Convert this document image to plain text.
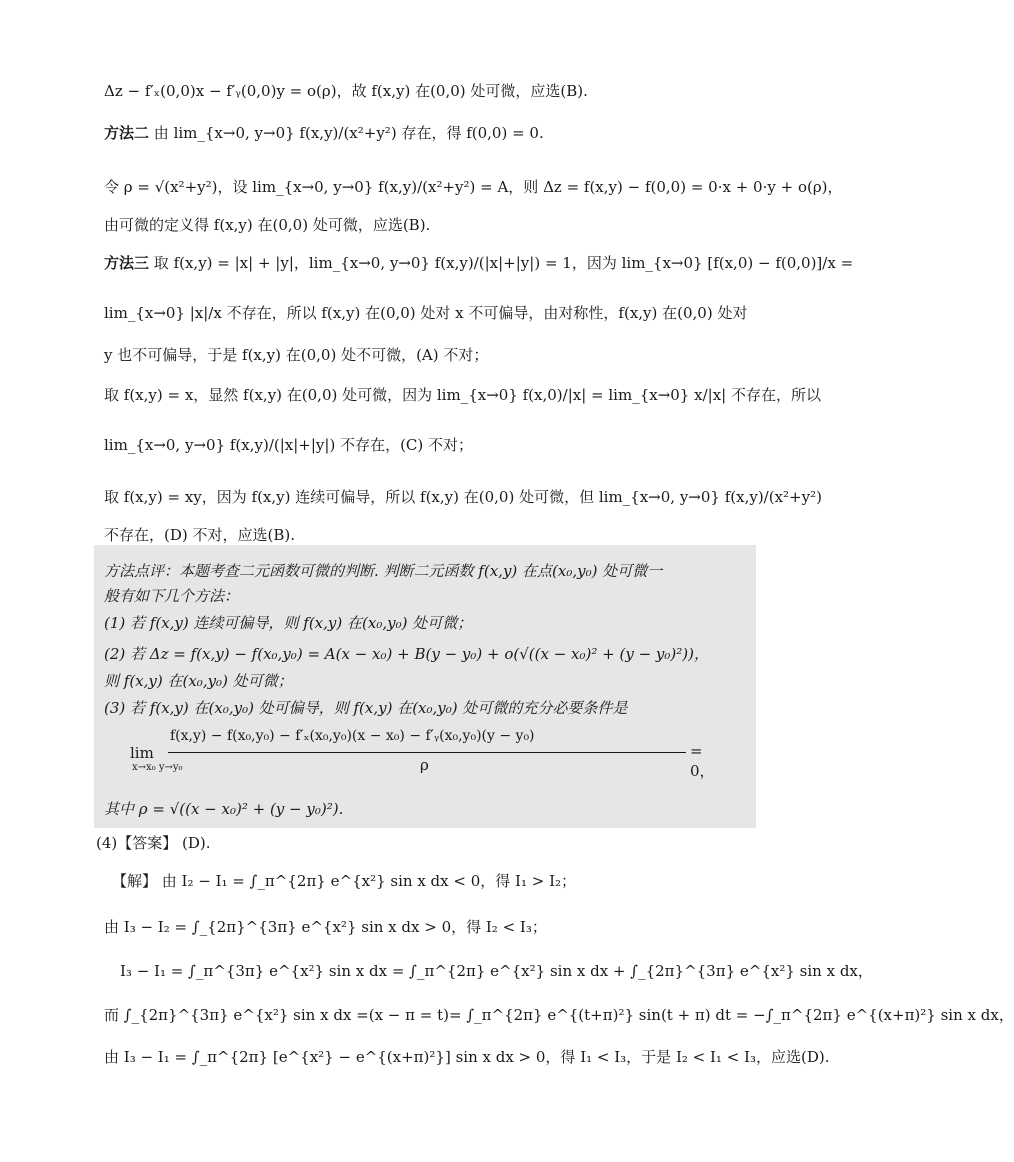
Δz − f′ₓ(0,0)x − f′ᵧ(0,0)y = o(ρ)，故 f(x,y) 在(0,0) 处可微，应选(B).
方法二 由 lim_{x→0, y→0} f(x,y)/(x²+y²) 存在，得 f(0,0) = 0.
令 ρ = √(x²+y²)，设 lim_{x→0, y→0} f(x,y)/(x²+y²) = A，则 Δz = f(x,y) − f(0,0) = 0·x + 0·y + o(ρ)，
由可微的定义得 f(x,y) 在(0,0) 处可微，应选(B).
方法三 取 f(x,y) = |x| + |y|，lim_{x→0, y→0} f(x,y)/(|x|+|y|) = 1，因为 lim_{x→0} [f(x,0) − f(0,0)]/x =
lim_{x→0} |x|/x 不存在，所以 f(x,y) 在(0,0) 处对 x 不可偏导，由对称性，f(x,y) 在(0,0) 处对
y 也不可偏导，于是 f(x,y) 在(0,0) 处不可微，(A) 不对；
取 f(x,y) = x，显然 f(x,y) 在(0,0) 处可微，因为 lim_{x→0} f(x,0)/|x| = lim_{x→0} x/|x| 不存在，所以
lim_{x→0, y→0} f(x,y)/(|x|+|y|) 不存在，(C) 不对；
取 f(x,y) = xy，因为 f(x,y) 连续可偏导，所以 f(x,y) 在(0,0) 处可微，但 lim_{x→0, y→0} f(x,y)/(x²+y²)
不存在，(D) 不对，应选(B).
方法点评：本题考查二元函数可微的判断. 判断二元函数 f(x,y) 在点(x₀,y₀) 处可微一
般有如下几个方法：
(1) 若 f(x,y) 连续可偏导，则 f(x,y) 在(x₀,y₀) 处可微；
(2) 若 Δz = f(x,y) − f(x₀,y₀) = A(x − x₀) + B(y − y₀) + o(√((x − x₀)² + (y − y₀)²))，
则 f(x,y) 在(x₀,y₀) 处可微；
(3) 若 f(x,y) 在(x₀,y₀) 处可偏导，则 f(x,y) 在(x₀,y₀) 处可微的充分必要条件是
lim
x→x₀ y→y₀
f(x,y) − f(x₀,y₀) − f′ₓ(x₀,y₀)(x − x₀) − f′ᵧ(x₀,y₀)(y − y₀)
ρ
= 0，
其中 ρ = √((x − x₀)² + (y − y₀)²).
(4)【答案】 (D).
【解】 由 I₂ − I₁ = ∫_π^{2π} e^{x²} sin x dx < 0，得 I₁ > I₂；
由 I₃ − I₂ = ∫_{2π}^{3π} e^{x²} sin x dx > 0，得 I₂ < I₃；
I₃ − I₁ = ∫_π^{3π} e^{x²} sin x dx = ∫_π^{2π} e^{x²} sin x dx + ∫_{2π}^{3π} e^{x²} sin x dx，
而 ∫_{2π}^{3π} e^{x²} sin x dx =(x − π = t)= ∫_π^{2π} e^{(t+π)²} sin(t + π) dt = −∫_π^{2π} e^{(x+π)²} sin x dx，
由 I₃ − I₁ = ∫_π^{2π} [e^{x²} − e^{(x+π)²}] sin x dx > 0，得 I₁ < I₃，于是 I₂ < I₁ < I₃，应选(D).
